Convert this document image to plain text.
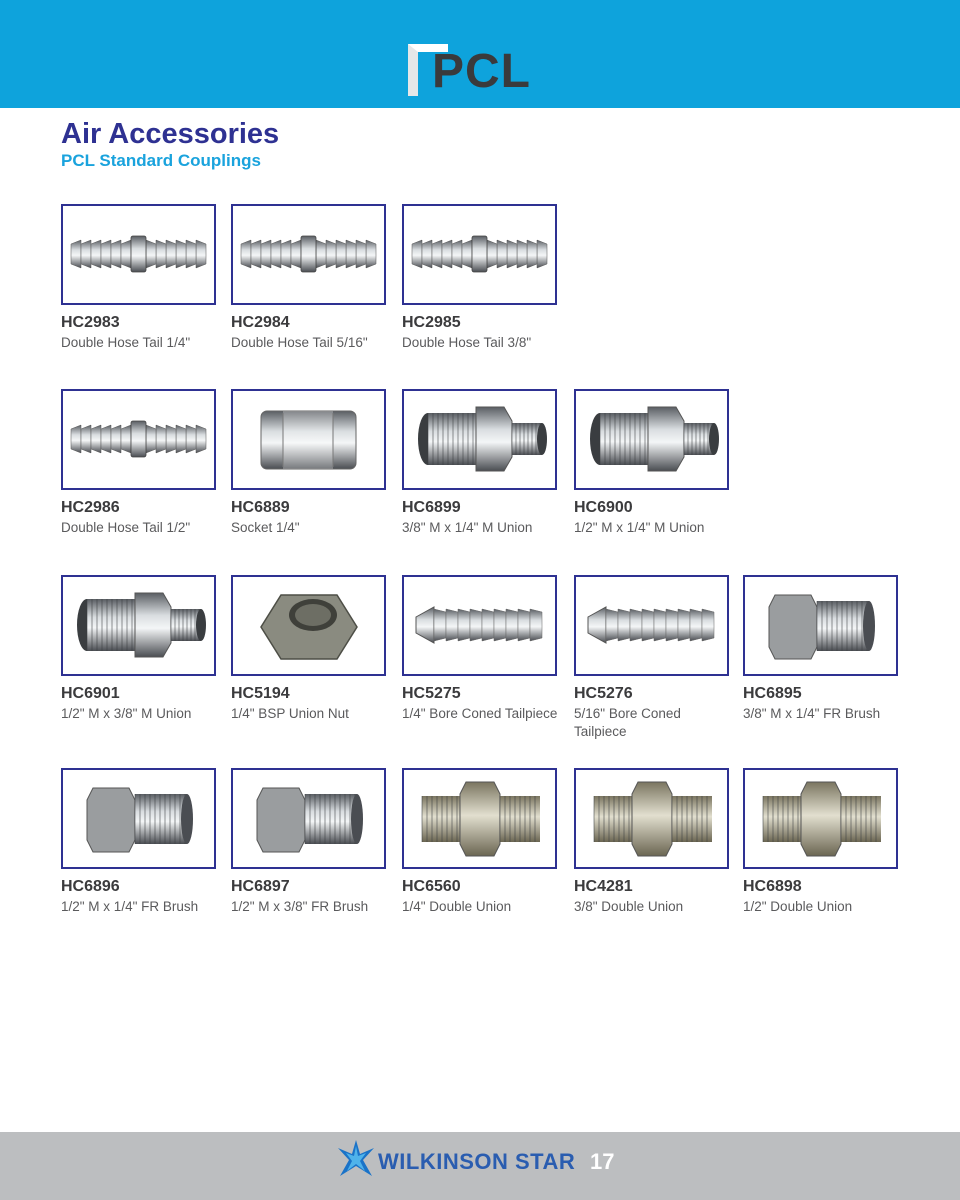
PCL
Air Accessories
PCL Standard Couplings
HC2983
Double Hose Tail 1/4"
HC2984
Double Hose Tail 5/16"
HC2985
Double Hose Tail 3/8"
HC2986
Double Hose Tail 1/2"
HC6889
Socket 1/4"
HC6899
3/8" M x 1/4" M Union
HC6900
1/2" M x 1/4" M Union
HC6901
1/2" M x 3/8" M Union
HC5194
1/4" BSP Union Nut
HC5275
1/4" Bore Coned Tailpiece
HC5276
5/16" Bore Coned Tailpiece
HC6895
3/8" M x 1/4" FR Brush
HC6896
1/2" M x 1/4" FR Brush
HC6897
1/2" M x 3/8" FR Brush
HC6560
1/4" Double Union
HC4281
3/8" Double Union
HC6898
1/2" Double Union
WILKINSON STAR 17
